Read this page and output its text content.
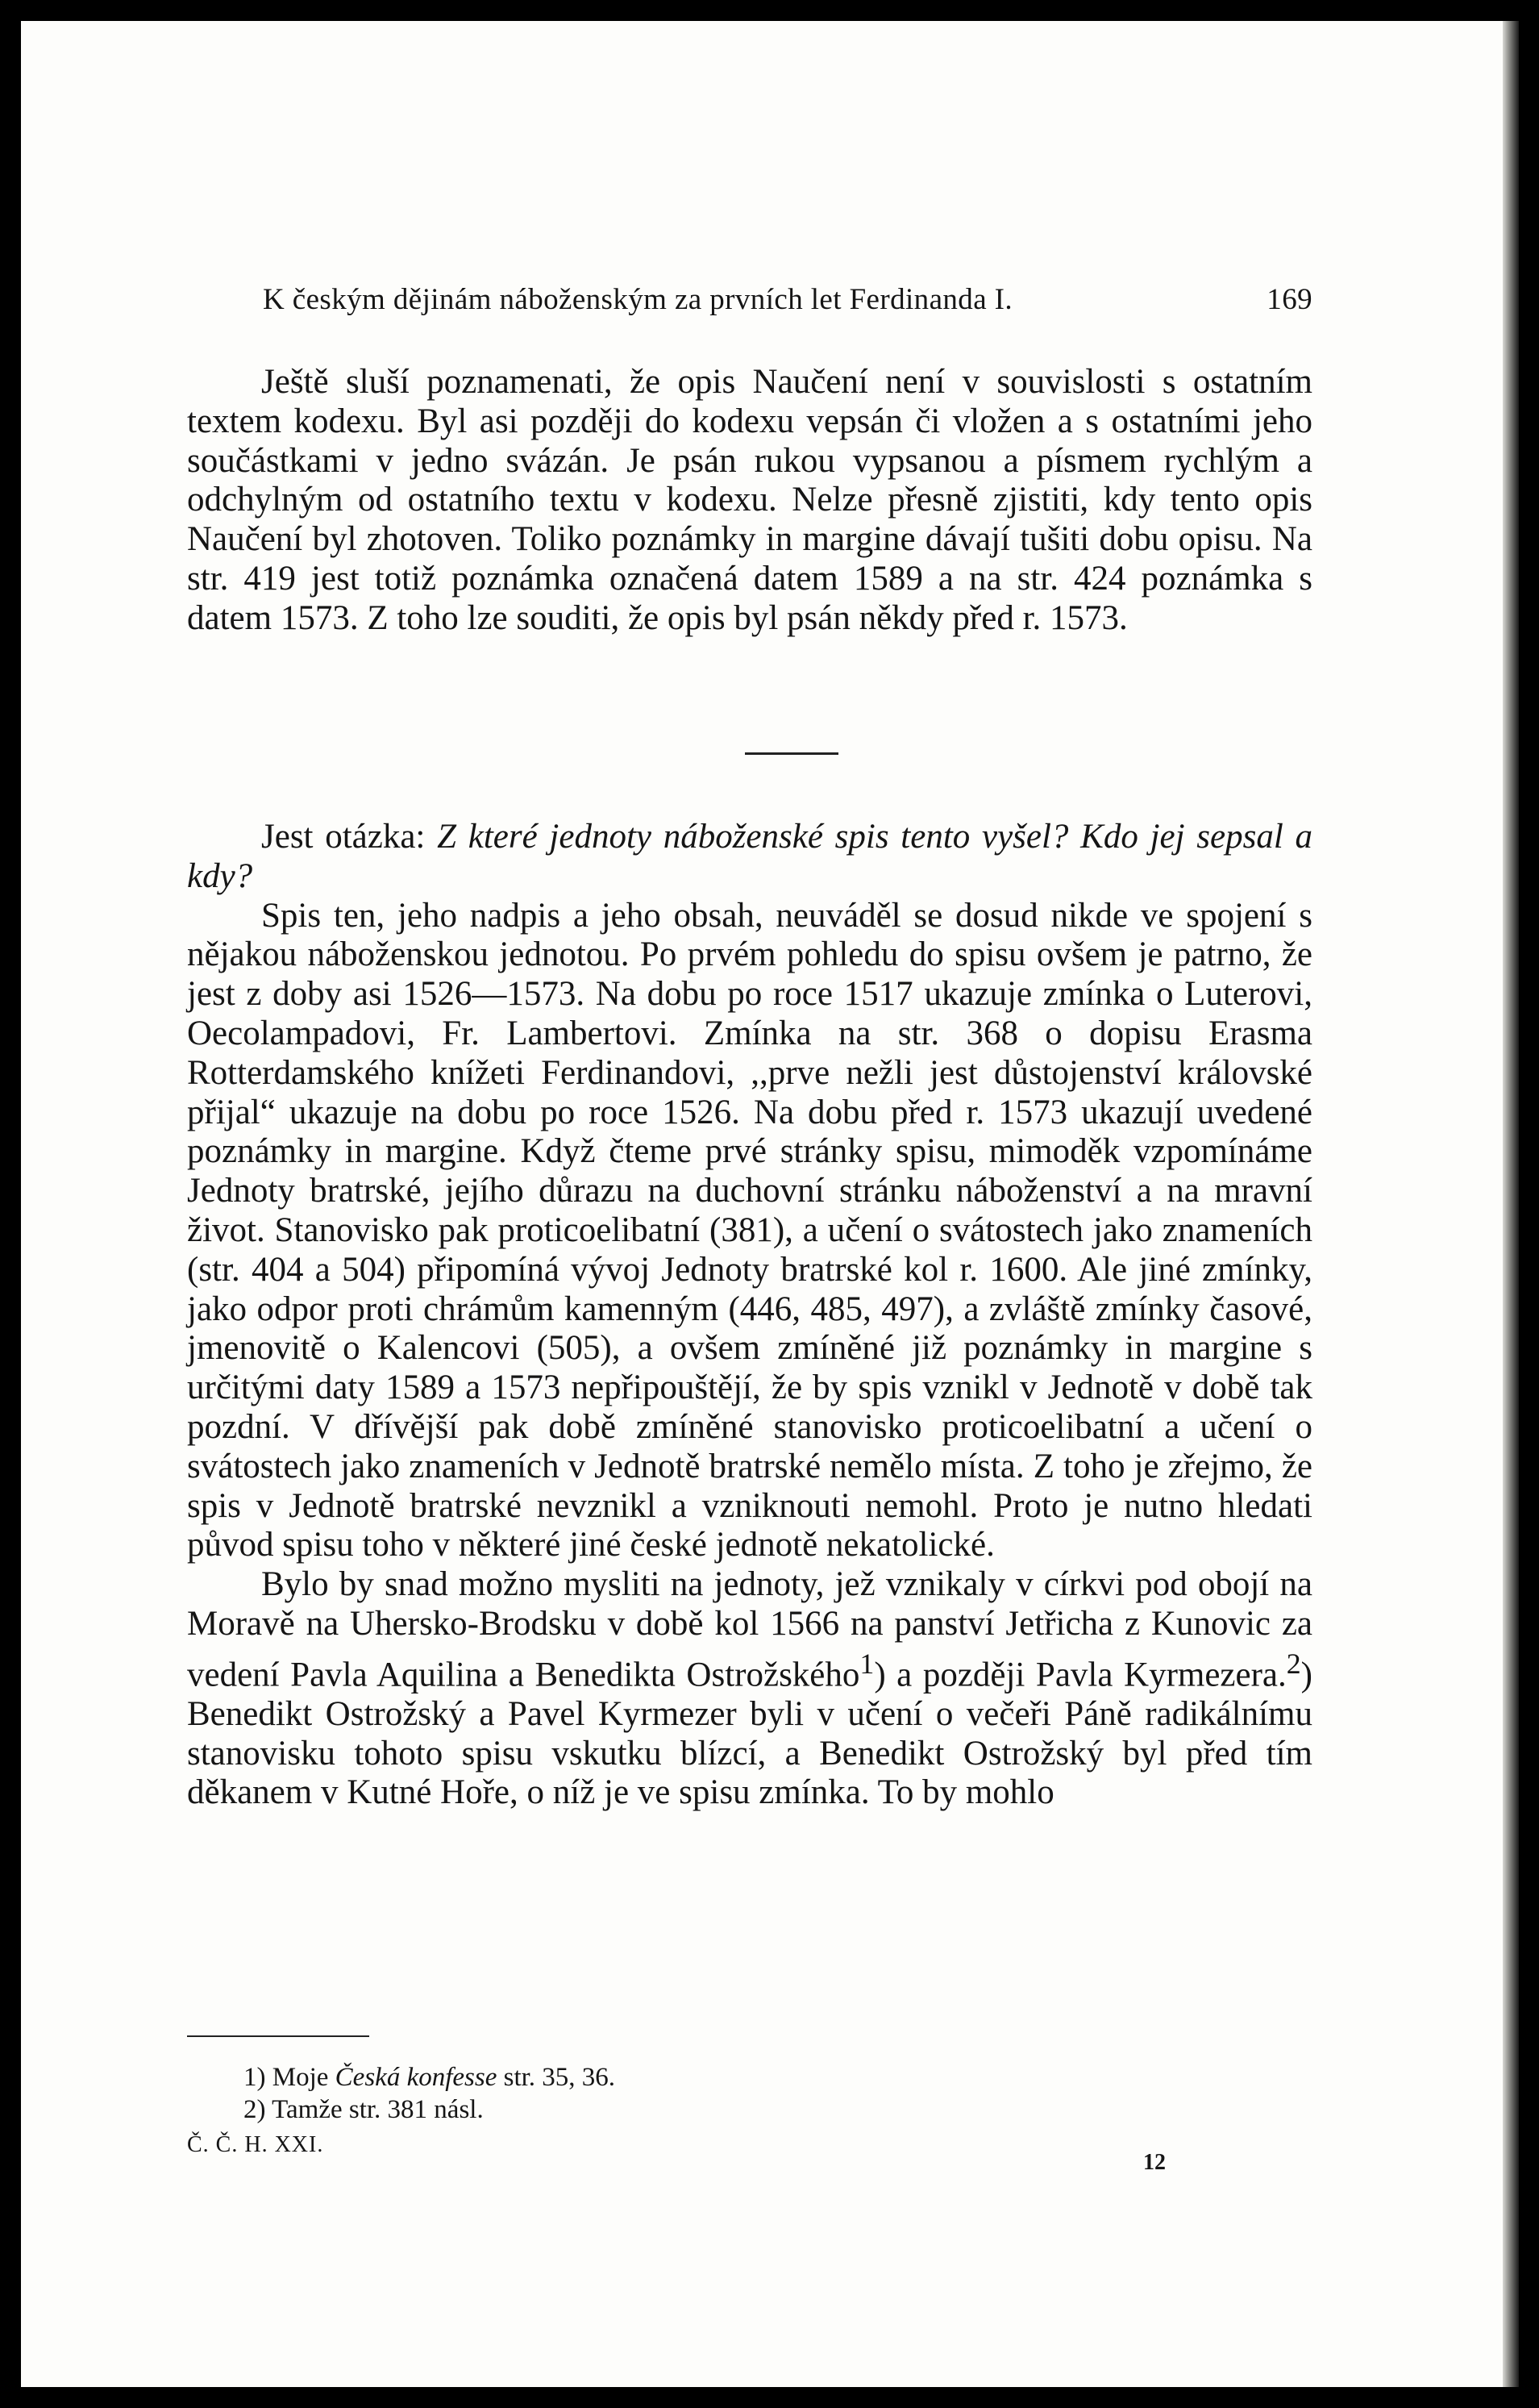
K českým dějinám náboženským za prvních let Ferdinanda I.	169

Ještě sluší poznamenati, že opis Naučení není v souvislosti s ostatním textem kodexu. Byl asi později do kodexu vepsán či vložen a s ostatními jeho součástkami v jedno svázán. Je psán rukou vypsanou a písmem rychlým a odchylným od ostatního textu v kodexu. Nelze přesně zjistiti, kdy tento opis Naučení byl zhotoven. Toliko poznámky in margine dávají tušiti dobu opisu. Na str. 419 jest totiž poznámka označená datem 1589 a na str. 424 poznámka s datem 1573. Z toho lze souditi, že opis byl psán někdy před r. 1573.

Jest otázka: Z které jednoty náboženské spis tento vyšel? Kdo jej sepsal a kdy?

Spis ten, jeho nadpis a jeho obsah, neuváděl se dosud nikde ve spojení s nějakou náboženskou jednotou. Po prvém pohledu do spisu ovšem je patrno, že jest z doby asi 1526—1573. Na dobu po roce 1517 ukazuje zmínka o Luterovi, Oecolampadovi, Fr. Lambertovi. Zmínka na str. 368 o dopisu Erasma Rotterdamského knížeti Ferdinandovi, ,,prve nežli jest důstojenství královské přijal“ ukazuje na dobu po roce 1526. Na dobu před r. 1573 ukazují uvedené poznámky in margine. Když čteme prvé stránky spisu, mimoděk vzpomínáme Jednoty bratrské, jejího důrazu na duchovní stránku náboženství a na mravní život. Stanovisko pak proticoelibatní (381), a učení o svátostech jako znameních (str. 404 a 504) připomíná vývoj Jednoty bratrské kol r. 1600. Ale jiné zmínky, jako odpor proti chrámům kamenným (446, 485, 497), a zvláště zmínky časové, jmenovitě o Kalencovi (505), a ovšem zmíněné již poznámky in margine s určitými daty 1589 a 1573 nepřipouštějí, že by spis vznikl v Jednotě v době tak pozdní. V dřívější pak době zmíněné stanovisko proticoelibatní a učení o svátostech jako znameních v Jednotě bratrské nemělo místa. Z toho je zřejmo, že spis v Jednotě bratrské nevznikl a vzniknouti nemohl. Proto je nutno hledati původ spisu toho v některé jiné české jednotě nekatolické.

Bylo by snad možno mysliti na jednoty, jež vznikaly v církvi pod obojí na Moravě na Uhersko-Brodsku v době kol 1566 na panství Jetřicha z Kunovic za vedení Pavla Aquilina a Benedikta Ostrožského$^1$) a později Pavla Kyrmezera.$^2$) Benedikt Ostrožský a Pavel Kyrmezer byli v učení o večeři Páně radikálnímu stanovisku tohoto spisu vskutku blízcí, a Benedikt Ostrožský byl před tím děkanem v Kutné Hoře, o níž je ve spisu zmínka. To by mohlo

1) Moje Česká konfesse str. 35, 36.
2) Tamže str. 381 násl.
Č. Č. H. XXI.
12
